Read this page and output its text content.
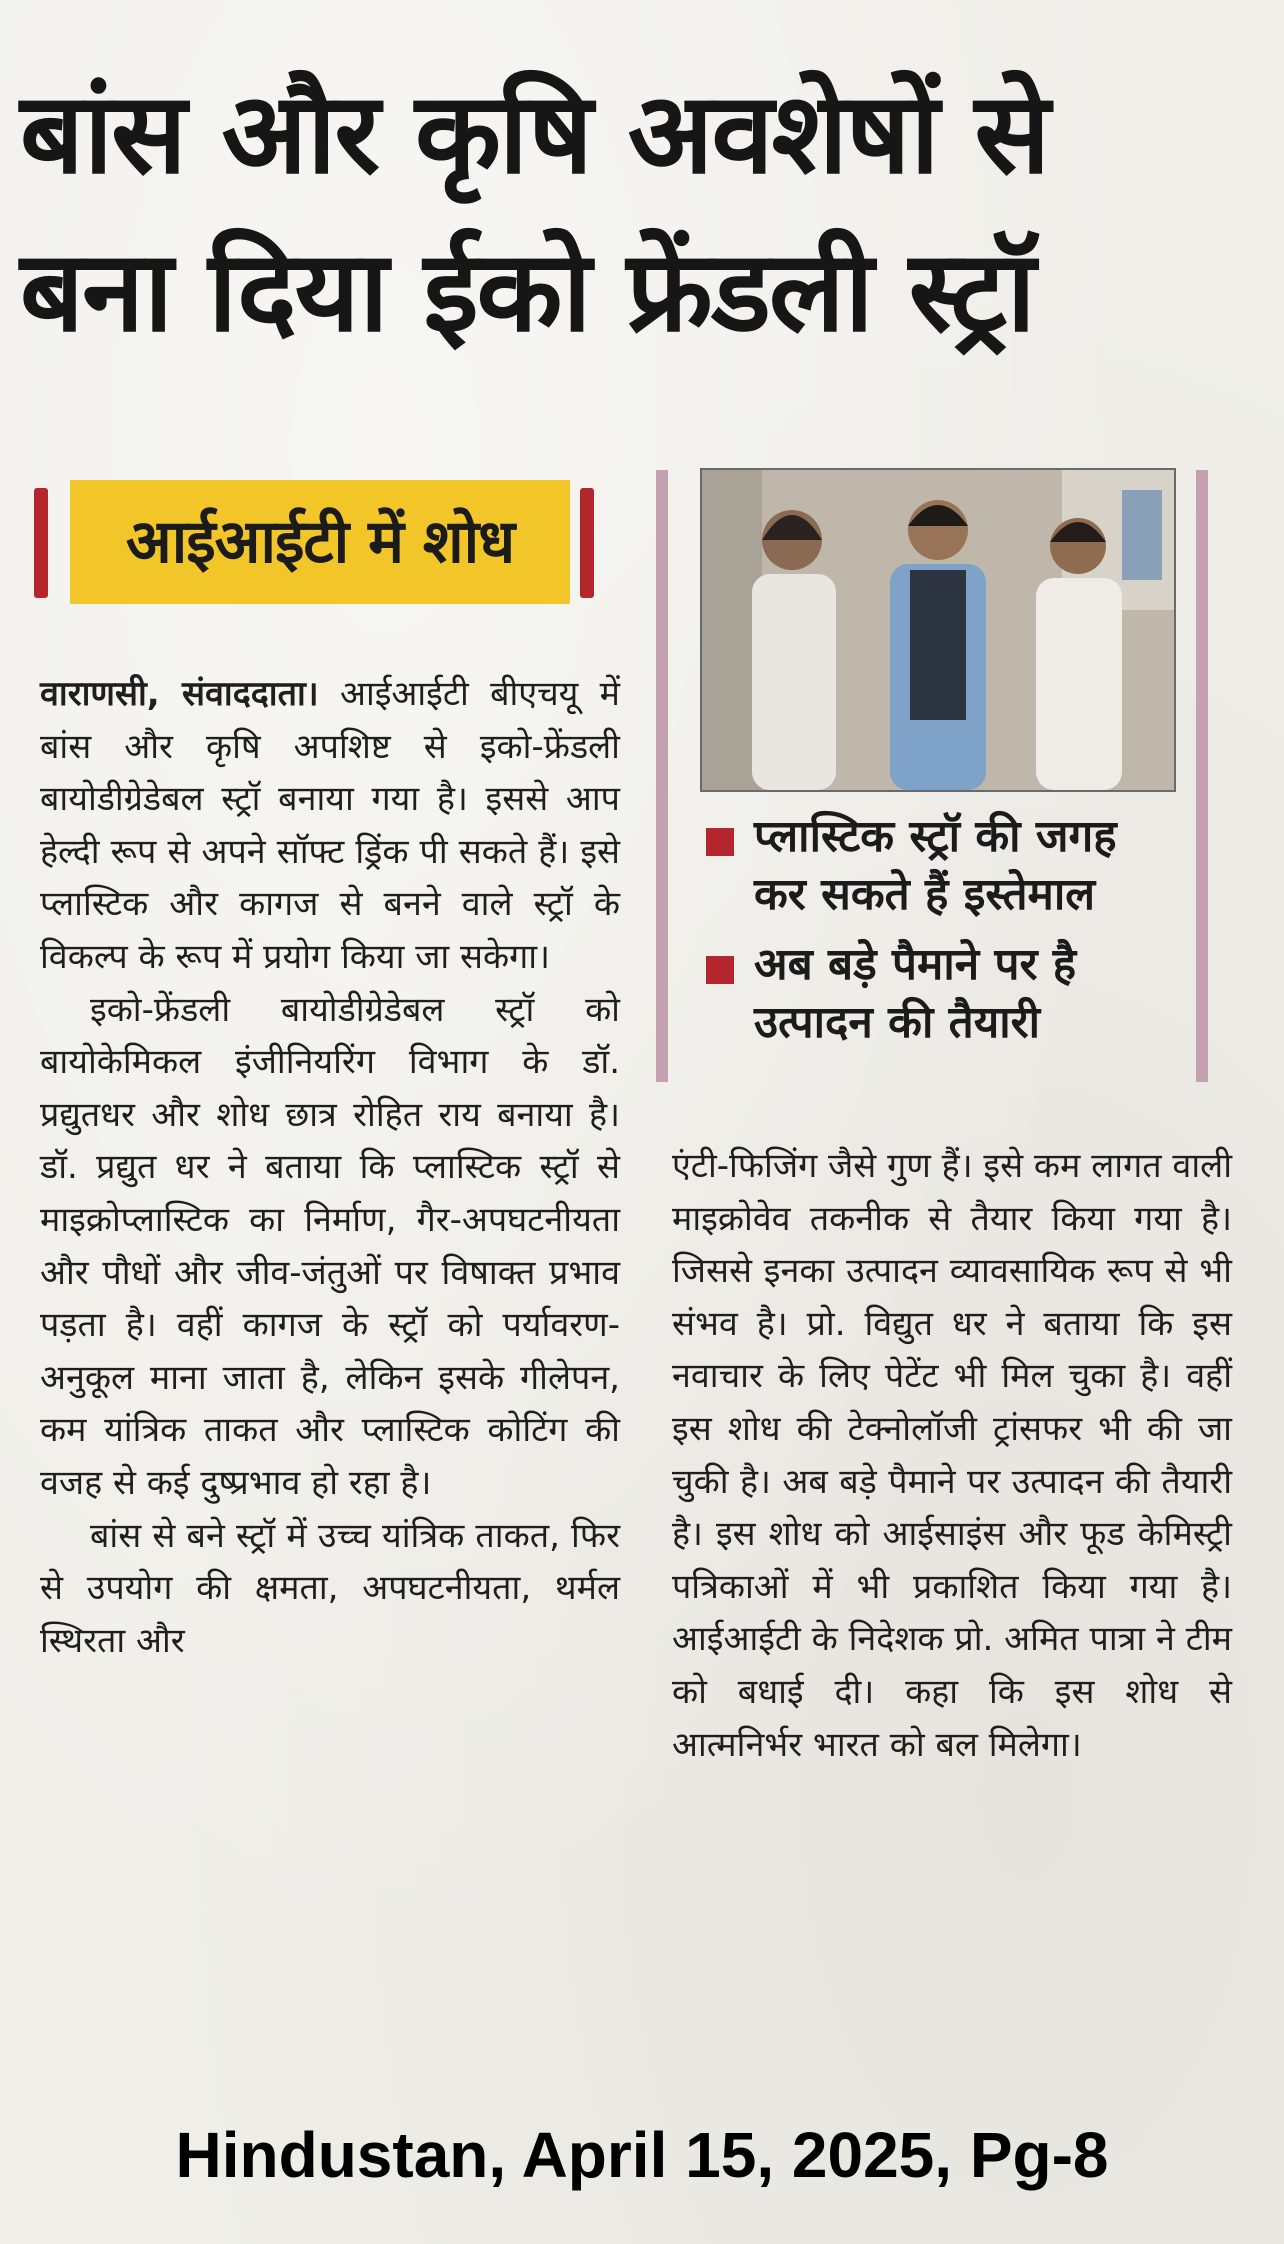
बांस और कृषि अवशेषों से
बना दिया ईको फ्रेंडली स्ट्रॉ
आईआईटी में शोध

वाराणसी, संवाददाता। आईआईटी बीएचयू में बांस और कृषि अपशिष्ट से इको-फ्रेंडली बायोडीग्रेडेबल स्ट्रॉ बनाया गया है। इससे आप हेल्दी रूप से अपने सॉफ्ट ड्रिंक पी सकते हैं। इसे प्लास्टिक और कागज से बनने वाले स्ट्रॉ के विकल्प के रूप में प्रयोग किया जा सकेगा।

इको-फ्रेंडली बायोडीग्रेडेबल स्ट्रॉ को बायोकेमिकल इंजीनियरिंग विभाग के डॉ. प्रद्युतधर और शोध छात्र रोहित राय बनाया है। डॉ. प्रद्युत धर ने बताया कि प्लास्टिक स्ट्रॉ से माइक्रोप्लास्टिक का निर्माण, गैर-अपघटनीयता और पौधों और जीव-जंतुओं पर विषाक्त प्रभाव पड़ता है। वहीं कागज के स्ट्रॉ को पर्यावरण-अनुकूल माना जाता है, लेकिन इसके गीलेपन, कम यांत्रिक ताकत और प्लास्टिक कोटिंग की वजह से कई दुष्प्रभाव हो रहा है।

बांस से बने स्ट्रॉ में उच्च यांत्रिक ताकत, फिर से उपयोग की क्षमता, अपघटनीयता, थर्मल स्थिरता और

प्लास्टिक स्ट्रॉ की जगह कर सकते हैं इस्तेमाल
अब बड़े पैमाने पर है उत्पादन की तैयारी

एंटी-फिजिंग जैसे गुण हैं। इसे कम लागत वाली माइक्रोवेव तकनीक से तैयार किया गया है। जिससे इनका उत्पादन व्यावसायिक रूप से भी संभव है। प्रो. विद्युत धर ने बताया कि इस नवाचार के लिए पेटेंट भी मिल चुका है। वहीं इस शोध की टेक्नोलॉजी ट्रांसफर भी की जा चुकी है। अब बड़े पैमाने पर उत्पादन की तैयारी है। इस शोध को आईसाइंस और फूड केमिस्ट्री पत्रिकाओं में भी प्रकाशित किया गया है। आईआईटी के निदेशक प्रो. अमित पात्रा ने टीम को बधाई दी। कहा कि इस शोध से आत्मनिर्भर भारत को बल मिलेगा।

Hindustan, April 15, 2025, Pg-8
